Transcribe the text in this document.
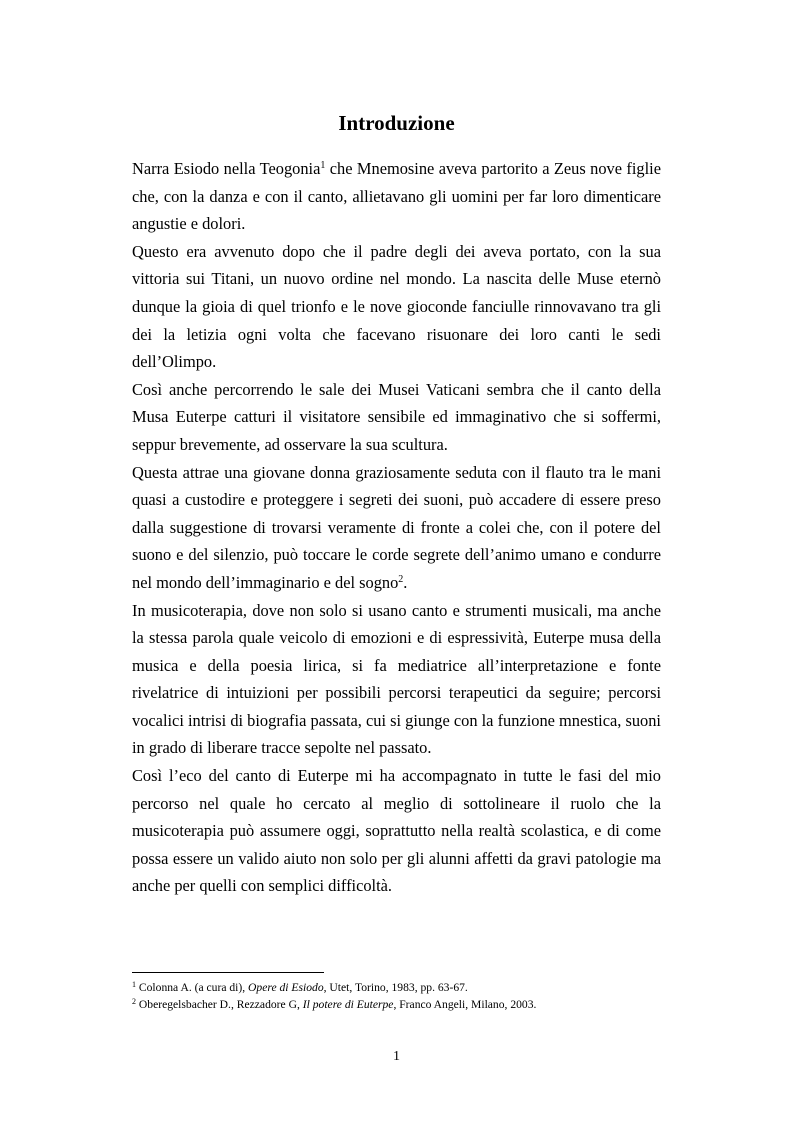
Introduzione

Narra Esiodo nella Teogonia$^1$ che Mnemosine aveva partorito a Zeus nove figlie che, con la danza e con il canto, allietavano gli uomini per far loro dimenticare angustie e dolori.

Questo era avvenuto dopo che il padre degli dei aveva portato, con la sua vittoria sui Titani, un nuovo ordine nel mondo. La nascita delle Muse eternò dunque la gioia di quel trionfo e le nove gioconde fanciulle rinnovavano tra gli dei la letizia ogni volta che facevano risuonare dei loro canti le sedi dell’Olimpo.

Così anche percorrendo le sale dei Musei Vaticani sembra che il canto della Musa Euterpe catturi il visitatore sensibile ed immaginativo che si soffermi, seppur brevemente, ad osservare la sua scultura.

Questa attrae una giovane donna graziosamente seduta con il flauto tra le mani quasi a custodire e proteggere i segreti dei suoni, può accadere di essere preso dalla suggestione di trovarsi veramente di fronte a colei che, con il potere del suono e del silenzio, può toccare le corde segrete dell’animo umano e condurre nel mondo dell’immaginario e del sogno$^2$.

In musicoterapia, dove non solo si usano canto e strumenti musicali, ma anche la stessa parola quale veicolo di emozioni e di espressività, Euterpe musa della musica e della poesia lirica, si fa mediatrice all’interpretazione e fonte rivelatrice di intuizioni per possibili percorsi terapeutici da seguire; percorsi vocalici intrisi di biografia passata, cui si giunge con la funzione mnestica, suoni in grado di liberare tracce sepolte nel passato.

Così l’eco del canto di Euterpe mi ha accompagnato in tutte le fasi del mio percorso nel quale ho cercato al meglio di sottolineare il ruolo che la musicoterapia può assumere oggi, soprattutto nella realtà scolastica, e di come possa essere un valido aiuto non solo per gli alunni affetti da gravi patologie ma anche per quelli con semplici difficoltà.

$^1$ Colonna A. (a cura di), Opere di Esiodo, Utet, Torino, 1983, pp. 63-67.
$^2$ Oberegelsbacher D., Rezzadore G, Il potere di Euterpe, Franco Angeli, Milano, 2003.
1
